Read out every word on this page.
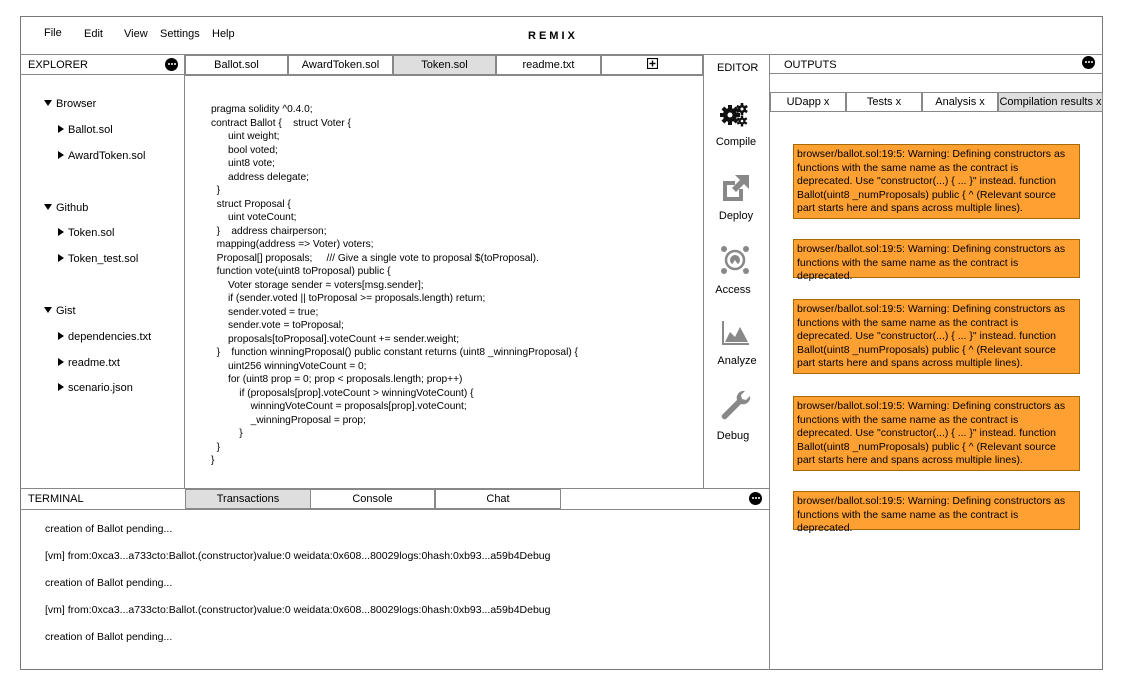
File Edit View Settings Help	REMIX
EXPLORER
Browser
Ballot.sol
AwardToken.sol
Github
Token.sol
Token_test.sol
Gist
dependencies.txt
readme.txt
scenario.json
Ballot.sol	AwardToken.sol	Token.sol	readme.txt
pragma solidity ^0.4.0;
contract Ballot {    struct Voter {
uint weight;
bool voted;
uint8 vote;
address delegate;
}
struct Proposal {
uint voteCount;
}    address chairperson;
mapping(address => Voter) voters;
Proposal[] proposals;     /// Give a single vote to proposal $(toProposal).
function vote(uint8 toProposal) public {
Voter storage sender = voters[msg.sender];
if (sender.voted || toProposal >= proposals.length) return;
sender.voted = true;
sender.vote = toProposal;
proposals[toProposal].voteCount += sender.weight;
}    function winningProposal() public constant returns (uint8 _winningProposal) {
uint256 winningVoteCount = 0;
for (uint8 prop = 0; prop < proposals.length; prop++)
if (proposals[prop].voteCount > winningVoteCount) {
winningVoteCount = proposals[prop].voteCount;
_winningProposal = prop;
}
}
}
EDITOR
Compile
Deploy
Access
Analyze
Debug
OUTPUTS
UDapp x	Tests x	Analysis x	Compilation results x
browser/ballot.sol:19:5: Warning: Defining constructors as functions with the same name as the contract is deprecated. Use "constructor(...) { ... }" instead. function Ballot(uint8 _numProposals) public { ^ (Relevant source part starts here and spans across multiple lines).
browser/ballot.sol:19:5: Warning: Defining constructors as functions with the same name as the contract is deprecated.
browser/ballot.sol:19:5: Warning: Defining constructors as functions with the same name as the contract is deprecated. Use "constructor(...) { ... }" instead. function Ballot(uint8 _numProposals) public { ^ (Relevant source part starts here and spans across multiple lines).
browser/ballot.sol:19:5: Warning: Defining constructors as functions with the same name as the contract is deprecated. Use "constructor(...) { ... }" instead. function Ballot(uint8 _numProposals) public { ^ (Relevant source part starts here and spans across multiple lines).
browser/ballot.sol:19:5: Warning: Defining constructors as functions with the same name as the contract is deprecated.
TERMINAL	Transactions	Console	Chat
creation of Ballot pending...
[vm] from:0xca3...a733cto:Ballot.(constructor)value:0 weidata:0x608...80029logs:0hash:0xb93...a59b4Debug
creation of Ballot pending...
[vm] from:0xca3...a733cto:Ballot.(constructor)value:0 weidata:0x608...80029logs:0hash:0xb93...a59b4Debug
creation of Ballot pending...
